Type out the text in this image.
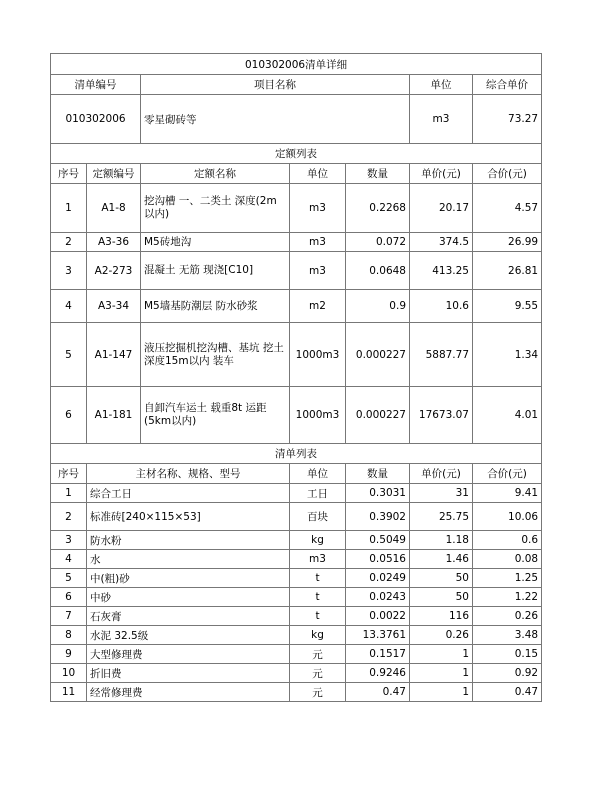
010302006清单详细						
清单编号		项目名称			单位	综合单价
010302006		零星砌砖等			m3	73.27
定额列表						
序号	定额编号	定额名称	单位	数量	单价(元)	合价(元)
1	A1-8	挖沟槽 一、二类土 深度(2m以内)	m3	0.2268	20.17	4.57
2	A3-36	M5砖地沟	m3	0.072	374.5	26.99
3	A2-273	混凝土 无筋 现浇[C10]	m3	0.0648	413.25	26.81
4	A3-34	M5墙基防潮层 防水砂浆	m2	0.9	10.6	9.55
5	A1-147	液压挖掘机挖沟槽、基坑 挖土深度15m以内 装车	1000m3	0.000227	5887.77	1.34
6	A1-181	自卸汽车运土 载重8t 运距(5km以内)	1000m3	0.000227	17673.07	4.01
清单列表						
序号	主材名称、规格、型号		单位	数量	单价(元)	合价(元)
1	综合工日		工日	0.3031	31	9.41
2	标准砖[240×115×53]		百块	0.3902	25.75	10.06
3	防水粉		kg	0.5049	1.18	0.6
4	水		m3	0.0516	1.46	0.08
5	中(粗)砂		t	0.0249	50	1.25
6	中砂		t	0.0243	50	1.22
7	石灰膏		t	0.0022	116	0.26
8	水泥 32.5级		kg	13.3761	0.26	3.48
9	大型修理费		元	0.1517	1	0.15
10	折旧费		元	0.9246	1	0.92
11	经常修理费		元	0.47	1	0.47
